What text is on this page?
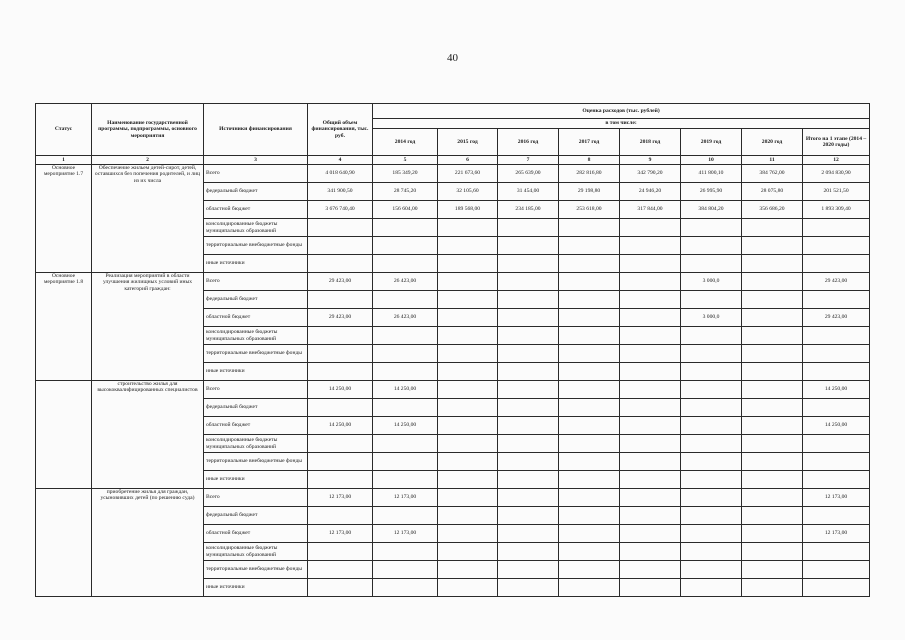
40
Статус	Наименование государственной программы, подпрограммы, основного мероприятия	Источники финансирования	Общий объем финансирования, тыс. руб.	Оценка расходов (тыс. рублей)							
				в том числе:							
				2014 год	2015 год	2016 год	2017 год	2018 год	2019 год	2020 год	Итого на 1 этапе (2014 – 2020 годы)
1	2	3	4	5	6	7	8	9	10	11	12
Основное мероприятие 1.7	Обеспечение жильем детей-сирот, детей, оставшихся без попечения родителей, и лиц из их числа	Всего	4 018 640,90	185 349,20	221 673,60	265 639,00	282 816,80	342 790,20	411 800,10	384 762,00	2 094 830,90
		федеральный бюджет	341 900,50	28 745,20	32 105,60	31 454,00	29 198,80	24 946,20	26 995,90	28 075,80	201 521,50
		областной бюджет	3 676 740,40	156 604,00	189 568,00	234 185,00	253 618,00	317 844,00	384 804,20	356 686,20	1 893 309,40
		консолидированные бюджеты муниципальных образований									
		территориальные внебюджетные фонды									
		иные источники									
Основное мероприятие 1.8	Реализация мероприятий в области улучшения жилищных условий иных категорий граждан:	Всего	29 423,00	26 423,00					3 000,0		29 423,00
		федеральный бюджет									
		областной бюджет	29 423,00	26 423,00					3 000,0		29 423,00
		консолидированные бюджеты муниципальных образований									
		территориальные внебюджетные фонды									
		иные источники									
	строительство жилья для высококвалифицированных специалистов	Всего	14 250,00	14 250,00							14 250,00
		федеральный бюджет									
		областной бюджет	14 250,00	14 250,00							14 250,00
		консолидированные бюджеты муниципальных образований									
		территориальные внебюджетные фонды									
		иные источники									
	приобретение жилья для граждан, усыновивших детей (по решению суда)	Всего	12 173,00	12 173,00							12 173,00
		федеральный бюджет									
		областной бюджет	12 173,00	12 173,00							12 173,00
		консолидированные бюджеты муниципальных образований									
		территориальные внебюджетные фонды									
		иные источники									
